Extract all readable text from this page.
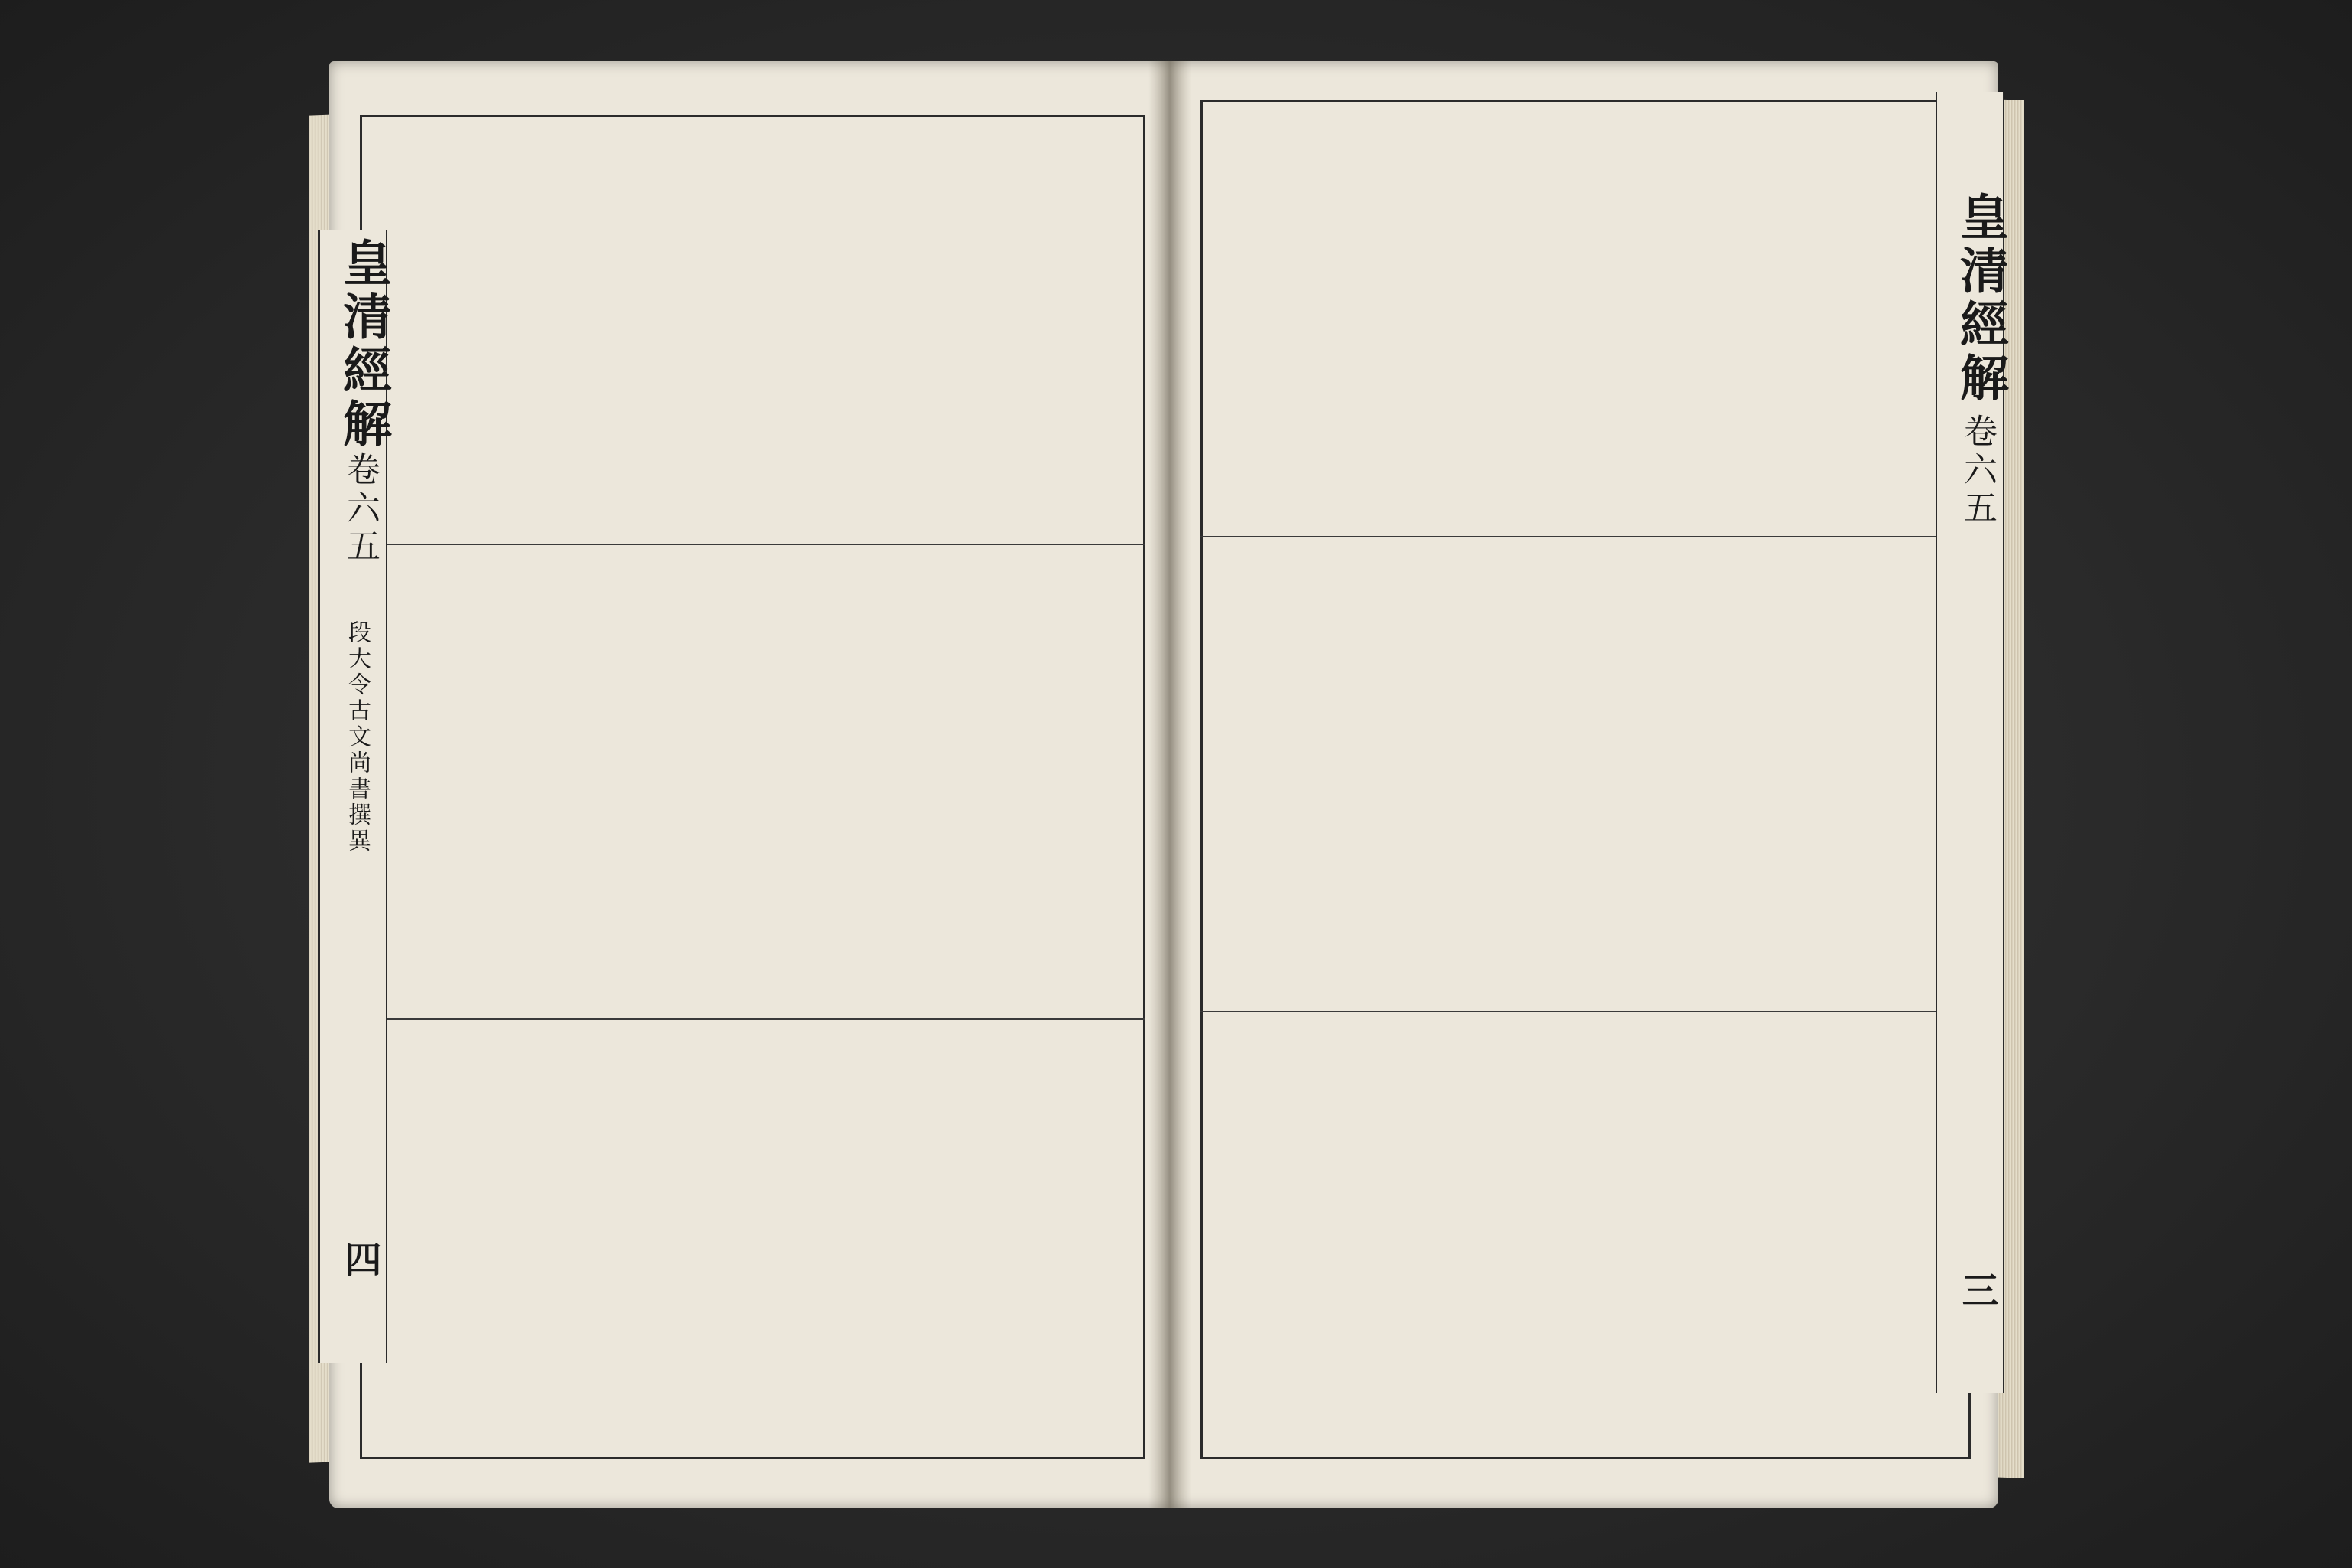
皇清經解
卷六五
段大令古文尚書撰異
四
皇清經解
卷六五
三
